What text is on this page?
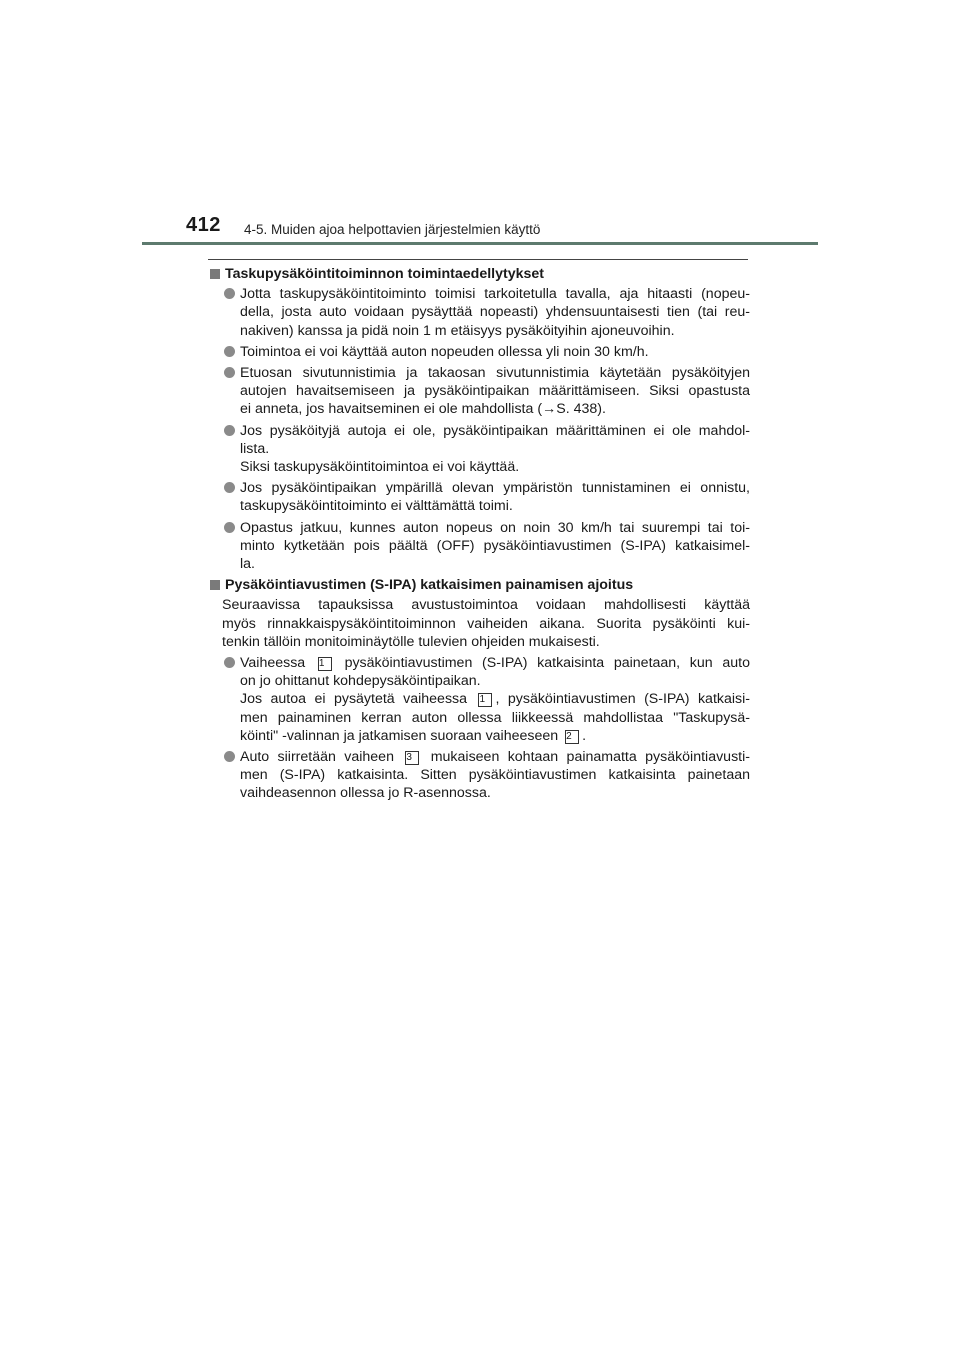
412 4-5. Muiden ajoa helpottavien järjestelmien käyttö
Taskupysäköintitoiminnon toimintaedellytykset
Jotta taskupysäköintitoiminto toimisi tarkoitetulla tavalla, aja hitaasti (nopeu-
della, josta auto voidaan pysäyttää nopeasti) yhdensuuntaisesti tien (tai reu-
nakiven) kanssa ja pidä noin 1 m etäisyys pysäköityihin ajoneuvoihin.
Toimintoa ei voi käyttää auton nopeuden ollessa yli noin 30 km/h.
Etuosan sivutunnistimia ja takaosan sivutunnistimia käytetään pysäköityjen
autojen havaitsemiseen ja pysäköintipaikan määrittämiseen. Siksi opastusta
ei anneta, jos havaitseminen ei ole mahdollista (→S. 438).
Jos pysäköityjä autoja ei ole, pysäköintipaikan määrittäminen ei ole mahdol-
lista.
Siksi taskupysäköintitoimintoa ei voi käyttää.
Jos pysäköintipaikan ympärillä olevan ympäristön tunnistaminen ei onnistu,
taskupysäköintitoiminto ei välttämättä toimi.
Opastus jatkuu, kunnes auton nopeus on noin 30 km/h tai suurempi tai toi-
minto kytketään pois päältä (OFF) pysäköintiavustimen (S-IPA) katkaisimel-
la.
Pysäköintiavustimen (S-IPA) katkaisimen painamisen ajoitus
Seuraavissa tapauksissa avustustoimintoa voidaan mahdollisesti käyttää
myös rinnakkaispysäköintitoiminnon vaiheiden aikana. Suorita pysäköinti kui-
tenkin tällöin monitoiminäytölle tulevien ohjeiden mukaisesti.
Vaiheessa 1 pysäköintiavustimen (S-IPA) katkaisinta painetaan, kun auto
on jo ohittanut kohdepysäköintipaikan.
Jos autoa ei pysäytetä vaiheessa 1 , pysäköintiavustimen (S-IPA) katkaisi-
men painaminen kerran auton ollessa liikkeessä mahdollistaa "Taskupysä-
köinti" -valinnan ja jatkamisen suoraan vaiheeseen 2 .
Auto siirretään vaiheen 3 mukaiseen kohtaan painamatta pysäköintiavusti-
men (S-IPA) katkaisinta. Sitten pysäköintiavustimen katkaisinta painetaan
vaihdeasennon ollessa jo R-asennossa.
